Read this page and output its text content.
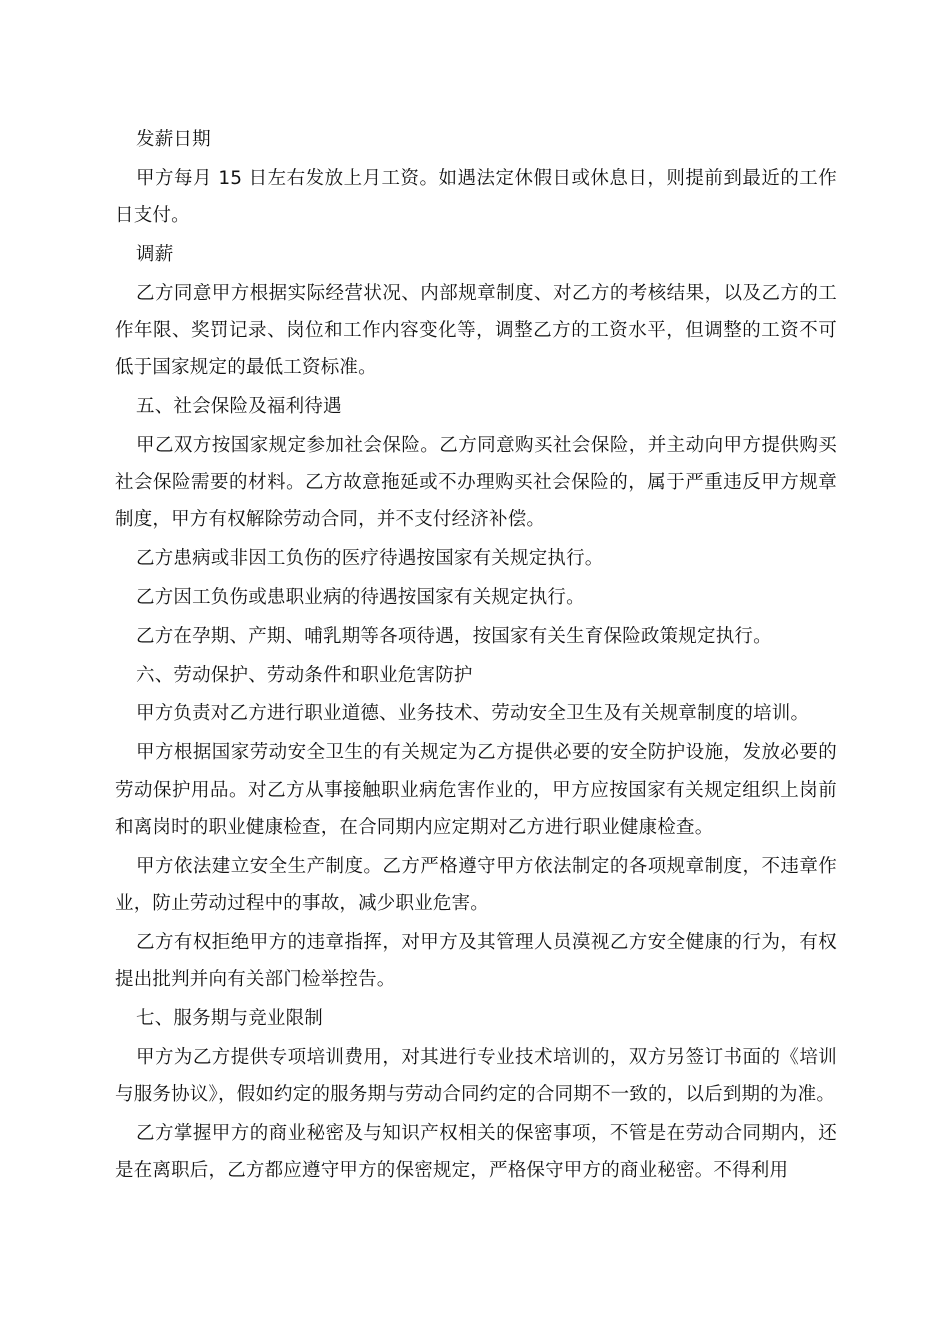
发薪日期

甲方每月 15 日左右发放上月工资。如遇法定休假日或休息日，则提前到最近的工作日支付。

调薪

乙方同意甲方根据实际经营状况、内部规章制度、对乙方的考核结果，以及乙方的工作年限、奖罚记录、岗位和工作内容变化等，调整乙方的工资水平，但调整的工资不可低于国家规定的最低工资标准。

五、社会保险及福利待遇

甲乙双方按国家规定参加社会保险。乙方同意购买社会保险，并主动向甲方提供购买社会保险需要的材料。乙方故意拖延或不办理购买社会保险的，属于严重违反甲方规章制度，甲方有权解除劳动合同，并不支付经济补偿。

乙方患病或非因工负伤的医疗待遇按国家有关规定执行。

乙方因工负伤或患职业病的待遇按国家有关规定执行。

乙方在孕期、产期、哺乳期等各项待遇，按国家有关生育保险政策规定执行。

六、劳动保护、劳动条件和职业危害防护

甲方负责对乙方进行职业道德、业务技术、劳动安全卫生及有关规章制度的培训。

甲方根据国家劳动安全卫生的有关规定为乙方提供必要的安全防护设施，发放必要的劳动保护用品。对乙方从事接触职业病危害作业的，甲方应按国家有关规定组织上岗前和离岗时的职业健康检查，在合同期内应定期对乙方进行职业健康检查。

甲方依法建立安全生产制度。乙方严格遵守甲方依法制定的各项规章制度，不违章作业，防止劳动过程中的事故，减少职业危害。

乙方有权拒绝甲方的违章指挥，对甲方及其管理人员漠视乙方安全健康的行为，有权提出批判并向有关部门检举控告。

七、服务期与竞业限制

甲方为乙方提供专项培训费用，对其进行专业技术培训的，双方另签订书面的《培训与服务协议》，假如约定的服务期与劳动合同约定的合同期不一致的，以后到期的为准。

乙方掌握甲方的商业秘密及与知识产权相关的保密事项，不管是在劳动合同期内，还是在离职后，乙方都应遵守甲方的保密规定，严格保守甲方的商业秘密。不得利用
